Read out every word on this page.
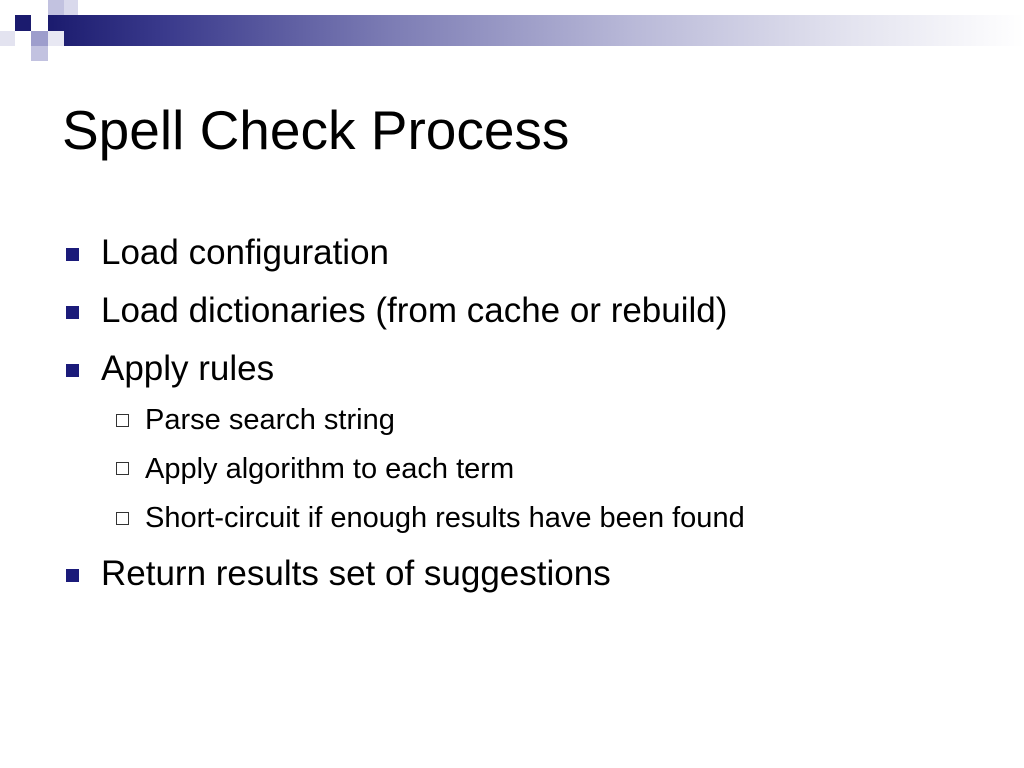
Spell Check Process
Load configuration
Load dictionaries (from cache or rebuild)
Apply rules
Parse search string
Apply algorithm to each term
Short-circuit if enough results have been found
Return results set of suggestions
